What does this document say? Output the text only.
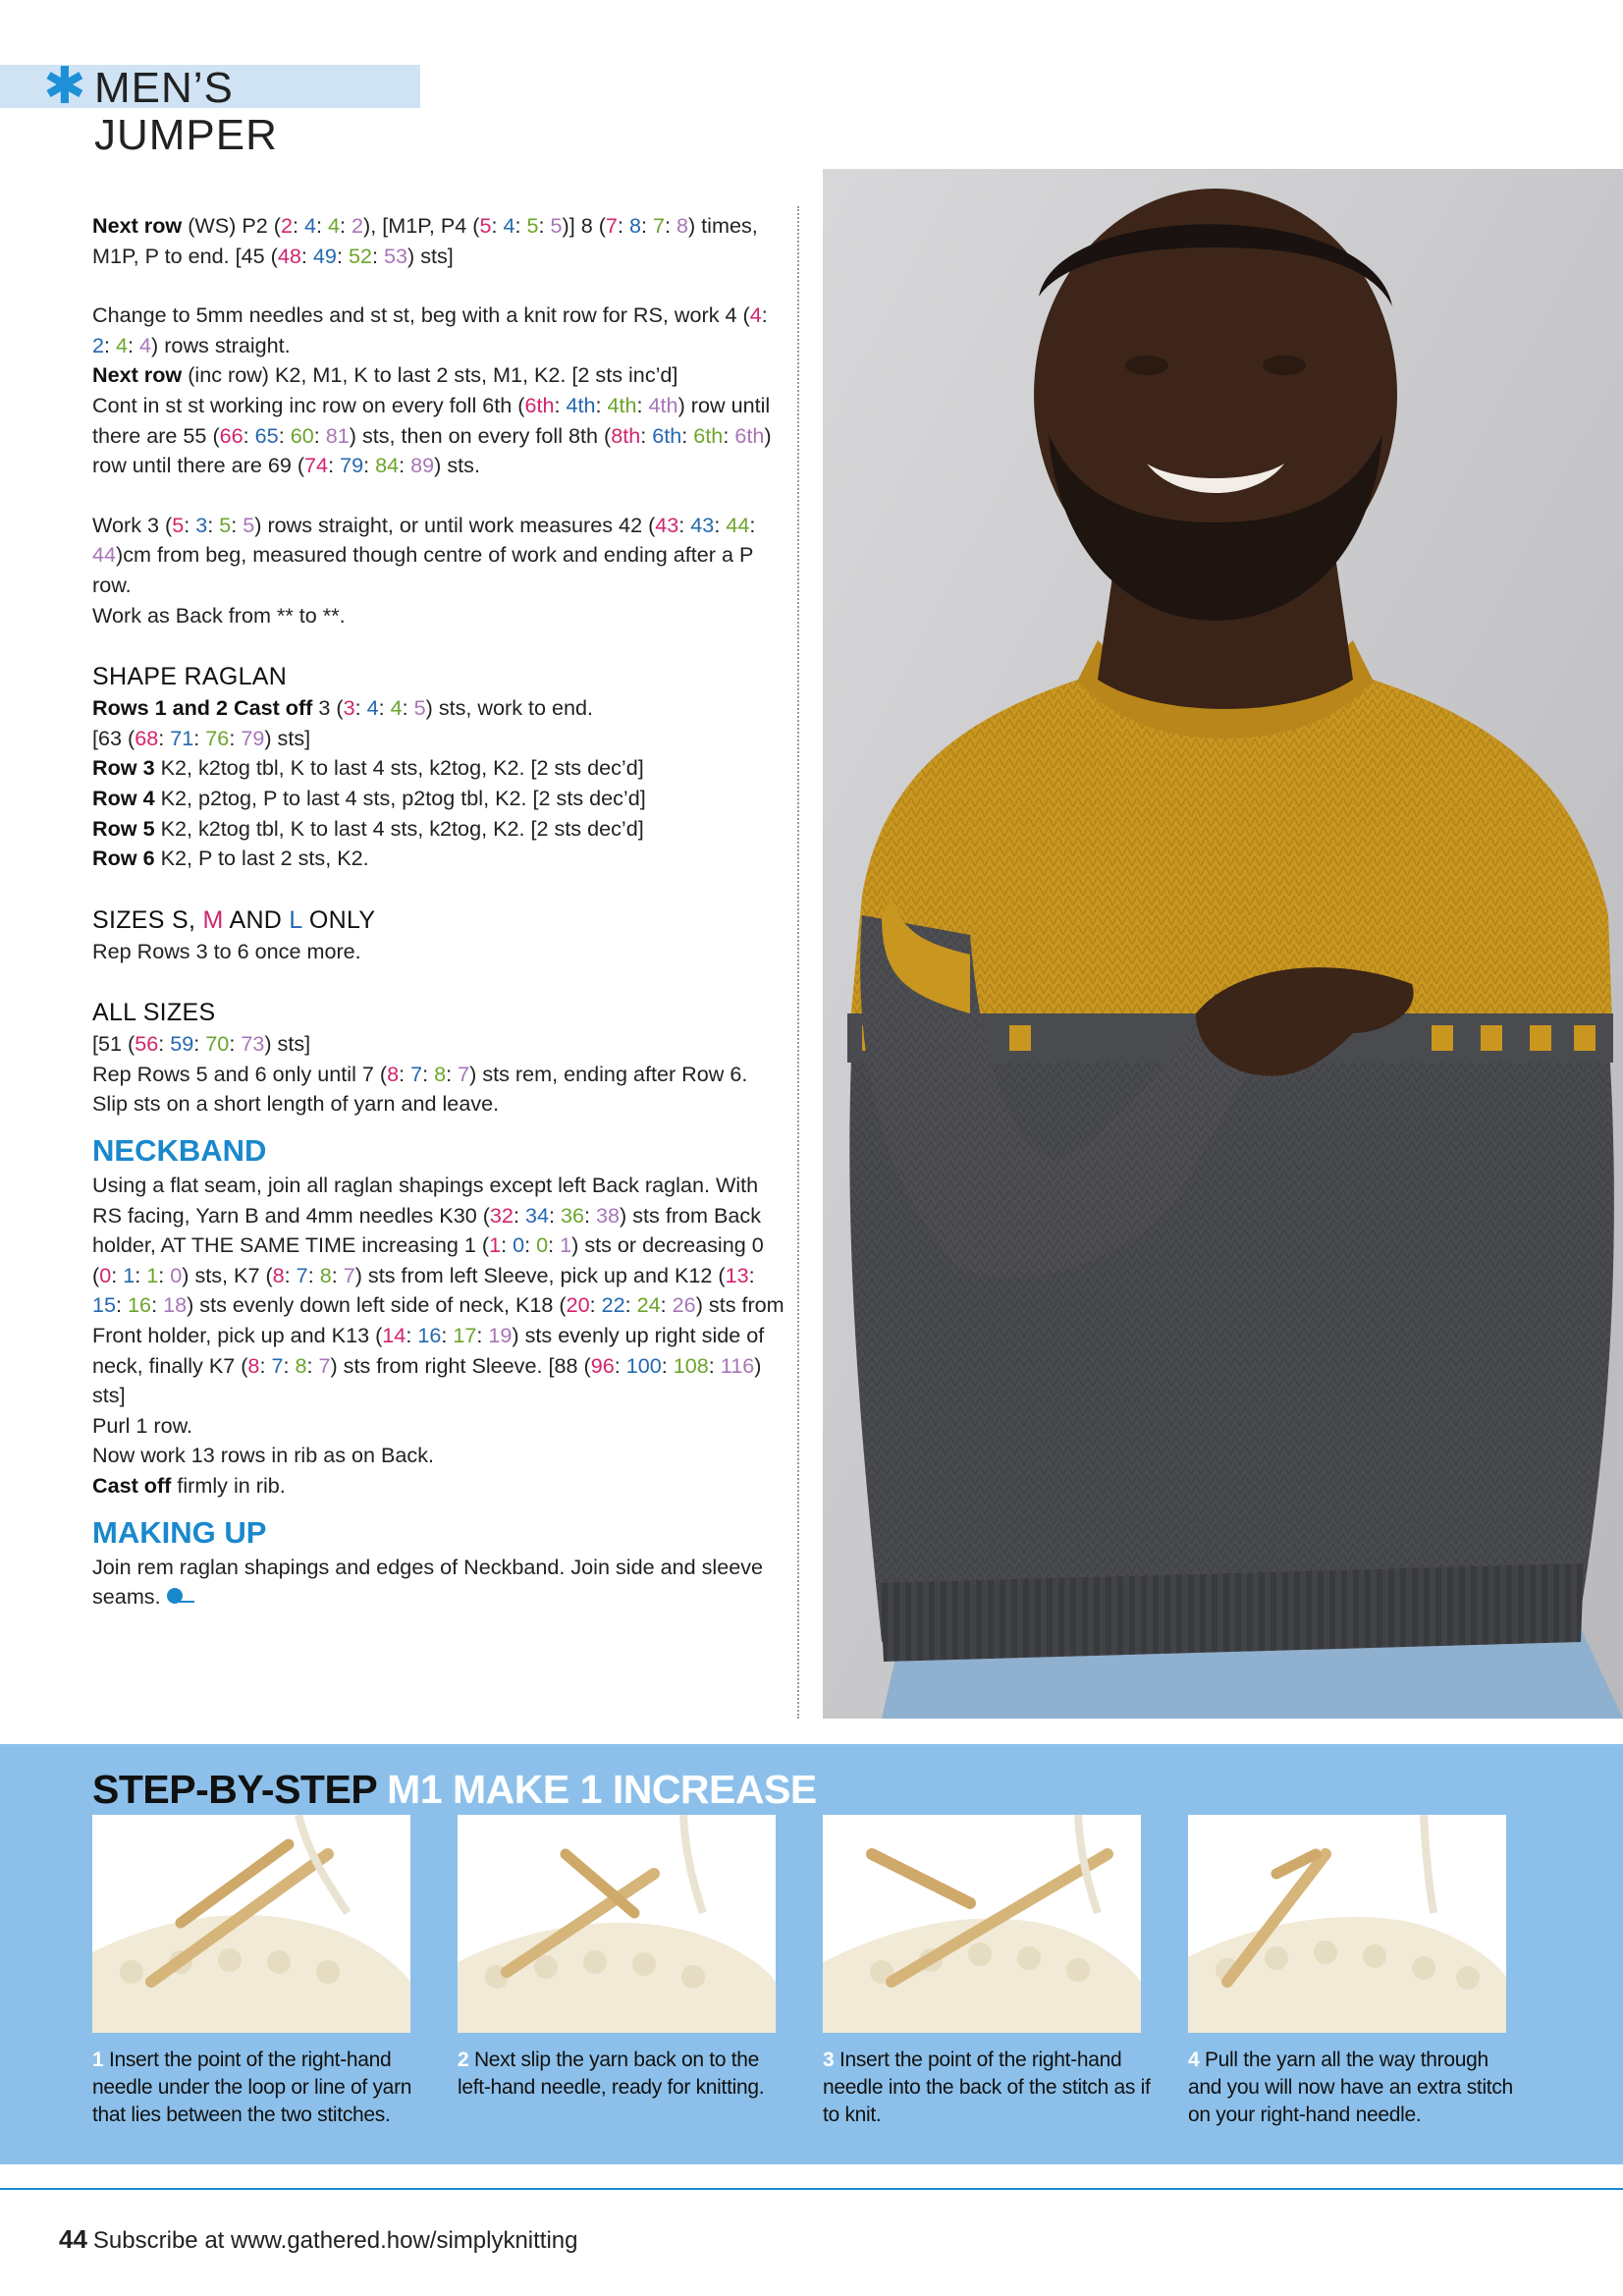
✱ MEN’S JUMPER

Next row (WS) P2 (2: 4: 4: 2), [M1P, P4 (5: 4: 5: 5)] 8 (7: 8: 7: 8) times, M1P, P to end. [45 (48: 49: 52: 53) sts]

Change to 5mm needles and st st, beg with a knit row for RS, work 4 (4: 2: 4: 4) rows straight.

Next row (inc row) K2, M1, K to last 2 sts, M1, K2. [2 sts inc’d]

Cont in st st working inc row on every foll 6th (6th: 4th: 4th: 4th) row until there are 55 (66: 65: 60: 81) sts, then on every foll 8th (8th: 6th: 6th: 6th) row until there are 69 (74: 79: 84: 89) sts.

Work 3 (5: 3: 5: 5) rows straight, or until work measures 42 (43: 43: 44: 44)cm from beg, measured though centre of work and ending after a P row.

Work as Back from ** to **.

SHAPE RAGLAN

Rows 1 and 2 Cast off 3 (3: 4: 4: 5) sts, work to end.

[63 (68: 71: 76: 79) sts]

Row 3 K2, k2tog tbl, K to last 4 sts, k2tog, K2. [2 sts dec’d]

Row 4 K2, p2tog, P to last 4 sts, p2tog tbl, K2. [2 sts dec’d]

Row 5 K2, k2tog tbl, K to last 4 sts, k2tog, K2. [2 sts dec’d]

Row 6 K2, P to last 2 sts, K2.

SIZES S, M AND L ONLY

Rep Rows 3 to 6 once more.

ALL SIZES

[51 (56: 59: 70: 73) sts]

Rep Rows 5 and 6 only until 7 (8: 7: 8: 7) sts rem, ending after Row 6.

Slip sts on a short length of yarn and leave.

NECKBAND

Using a flat seam, join all raglan shapings except left Back raglan. With RS facing, Yarn B and 4mm needles K30 (32: 34: 36: 38) sts from Back holder, AT THE SAME TIME increasing 1 (1: 0: 0: 1) sts or decreasing 0 (0: 1: 1: 0) sts, K7 (8: 7: 8: 7) sts from left Sleeve, pick up and K12 (13: 15: 16: 18) sts evenly down left side of neck, K18 (20: 22: 24: 26) sts from Front holder, pick up and K13 (14: 16: 17: 19) sts evenly up right side of neck, finally K7 (8: 7: 8: 7) sts from right Sleeve. [88 (96: 100: 108: 116) sts]

Purl 1 row.

Now work 13 rows in rib as on Back.

Cast off firmly in rib.

MAKING UP

Join rem raglan shapings and edges of Neckband. Join side and sleeve seams.

STEP-BY-STEP M1 MAKE 1 INCREASE
1 Insert the point of the right-hand needle under the loop or line of yarn that lies between the two stitches.
2 Next slip the yarn back on to the left-hand needle, ready for knitting.
3 Insert the point of the right-hand needle into the back of the stitch as if to knit.
4 Pull the yarn all the way through and you will now have an extra stitch on your right-hand needle.
44 Subscribe at www.gathered.how/simplyknitting
